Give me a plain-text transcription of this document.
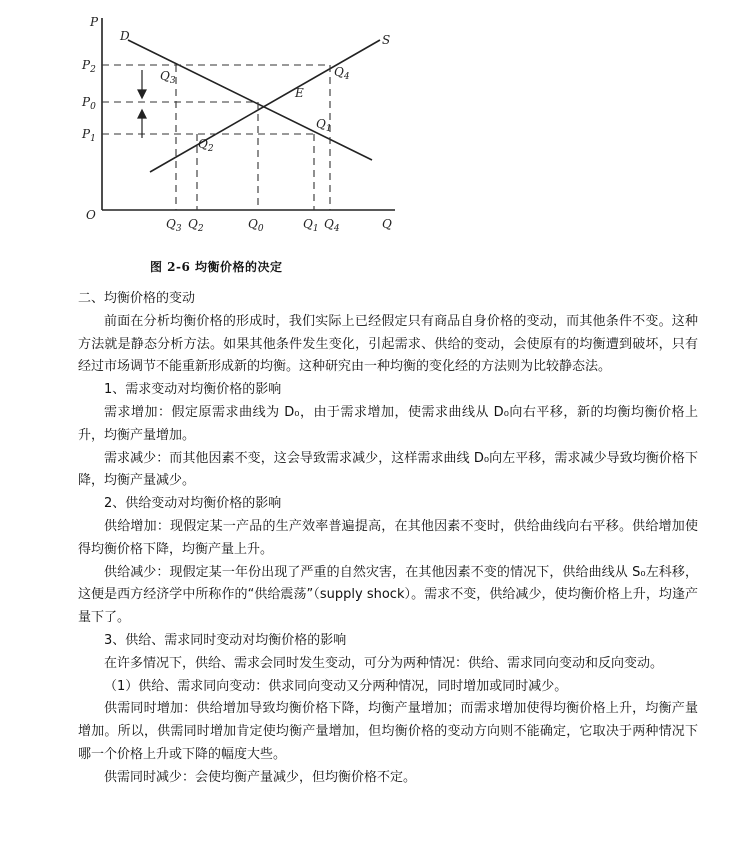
P
Q
O
D	S
E
$P_2$
$P_0$
$P_1$
$Q_3$
$Q_4$
$Q_1$
$Q_2$
$Q_3$ $Q_2$	$Q_0$	$Q_1$ $Q_4$
图 2-6 均衡价格的决定

二、均衡价格的变动

前面在分析均衡价格的形成时，我们实际上已经假定只有商品自身价格的变动，而其他条件不变。这种方法就是静态分析方法。如果其他条件发生变化，引起需求、供给的变动，会使原有的均衡遭到破坏，只有经过市场调节不能重新形成新的均衡。这种研究由一种均衡的变化经的方法则为比较静态法。

1、需求变动对均衡价格的影响

需求增加：假定原需求曲线为 D₀，由于需求增加，使需求曲线从 D₀向右平移，新的均衡均衡价格上升，均衡产量增加。

需求减少：而其他因素不变，这会导致需求减少，这样需求曲线 D₀向左平移，需求减少导致均衡价格下降，均衡产量减少。

2、供给变动对均衡价格的影响

供给增加：现假定某一产品的生产效率普遍提高，在其他因素不变时，供给曲线向右平移。供给增加使得均衡价格下降，均衡产量上升。

供给减少：现假定某一年份出现了严重的自然灾害，在其他因素不变的情况下，供给曲线从 S₀左科移，这便是西方经济学中所称作的“供给震荡”（supply shock）。需求不变，供给减少，使均衡价格上升，均逢产量下了。

3、供给、需求同时变动对均衡价格的影响

在许多情况下，供给、需求会同时发生变动，可分为两种情况：供给、需求同向变动和反向变动。

（1）供给、需求同向变动：供求同向变动又分两种情况，同时增加或同时减少。

供需同时增加：供给增加导致均衡价格下降，均衡产量增加；而需求增加使得均衡价格上升，均衡产量增加。所以，供需同时增加肯定使均衡产量增加，但均衡价格的变动方向则不能确定，它取决于两种情况下哪一个价格上升或下降的幅度大些。

供需同时减少：会使均衡产量减少，但均衡价格不定。
